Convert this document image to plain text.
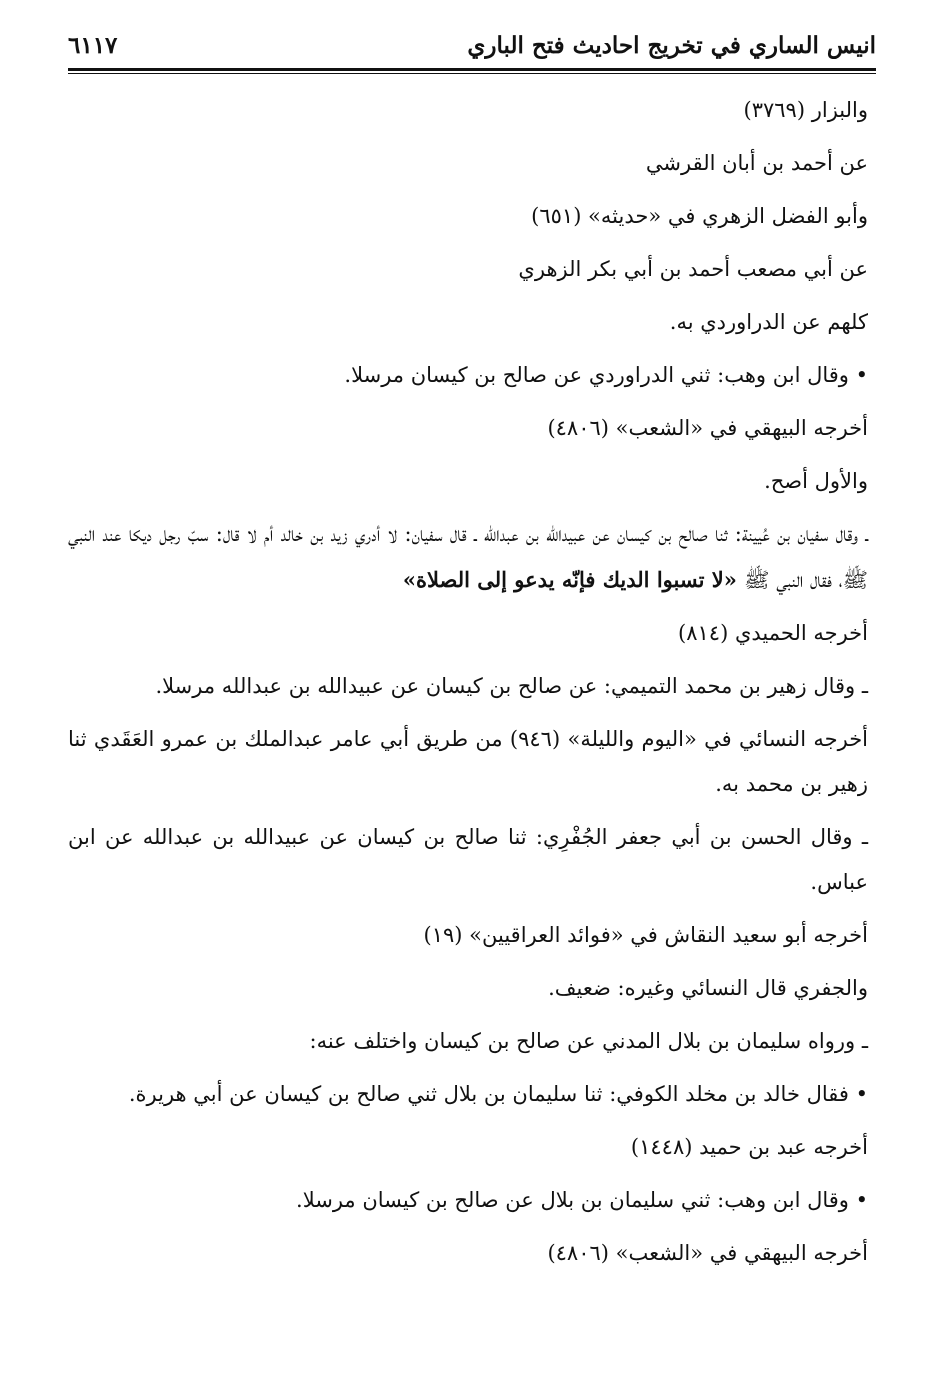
انيس الساري في تخريج احاديث فتح الباري
٦١١٧
والبزار (٣٧٦٩)
عن أحمد بن أبان القرشي
وأبو الفضل الزهري في «حديثه» (٦٥١)
عن أبي مصعب أحمد بن أبي بكر الزهري
كلهم عن الدراوردي به.
• وقال ابن وهب: ثني الدراوردي عن صالح بن كيسان مرسلا.
أخرجه البيهقي في «الشعب» (٤٨٠٦)
والأول أصح.
ـ وقال سفيان بن عُيينة: ثنا صالح بن كيسان عن عبيدالله بن عبدالله ـ قال سفيان: لا أدري زيد بن خالد أم لا قال: سبّ رجل ديكا عند النبي ﷺ، فقال النبي ﷺ «لا تسبوا الديك فإنّه يدعو إلى الصلاة»
أخرجه الحميدي (٨١٤)
ـ وقال زهير بن محمد التميمي: عن صالح بن كيسان عن عبيدالله بن عبدالله مرسلا.
أخرجه النسائي في «اليوم والليلة» (٩٤٦) من طريق أبي عامر عبدالملك بن عمرو العَقَدي ثنا زهير بن محمد به.
ـ وقال الحسن بن أبي جعفر الجُفْرِي: ثنا صالح بن كيسان عن عبيدالله بن عبدالله عن ابن عباس.
أخرجه أبو سعيد النقاش في «فوائد العراقيين» (١٩)
والجفري قال النسائي وغيره: ضعيف.
ـ ورواه سليمان بن بلال المدني عن صالح بن كيسان واختلف عنه:
• فقال خالد بن مخلد الكوفي: ثنا سليمان بن بلال ثني صالح بن كيسان عن أبي هريرة.
أخرجه عبد بن حميد (١٤٤٨)
• وقال ابن وهب: ثني سليمان بن بلال عن صالح بن كيسان مرسلا.
أخرجه البيهقي في «الشعب» (٤٨٠٦)
